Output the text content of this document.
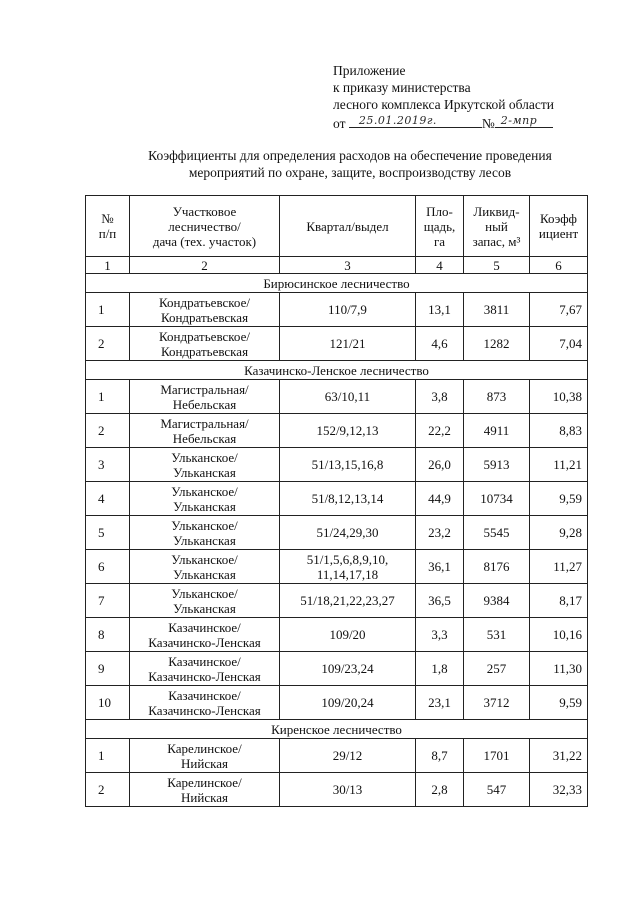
Приложение
к приказу министерства
лесного комплекса Иркутской области
от 25.01.2019г.	№ 2-мпр
Коэффициенты для определения расходов на обеспечение проведения
мероприятий по охране, защите, воспроизводству лесов
№
п/п	Участковое
лесничество/
дача (тех. участок)	Квартал/выдел	Пло-
щадь,
га	Ликвид-
ный
запас, м³	Коэфф
ициент
1	2	3	4	5	6
Бирюсинское лесничество					
1	Кондратьевское/
Кондратьевская	110/7,9	13,1	3811	7,67
2	Кондратьевское/
Кондратьевская	121/21	4,6	1282	7,04
Казачинско-Ленское лесничество					
1	Магистральная/
Небельская	63/10,11	3,8	873	10,38
2	Магистральная/
Небельская	152/9,12,13	22,2	4911	8,83
3	Ульканское/
Ульканская	51/13,15,16,8	26,0	5913	11,21
4	Ульканское/
Ульканская	51/8,12,13,14	44,9	10734	9,59
5	Ульканское/
Ульканская	51/24,29,30	23,2	5545	9,28
6	Ульканское/
Ульканская	51/1,5,6,8,9,10,
11,14,17,18	36,1	8176	11,27
7	Ульканское/
Ульканская	51/18,21,22,23,27	36,5	9384	8,17
8	Казачинское/
Казачинско-Ленская	109/20	3,3	531	10,16
9	Казачинское/
Казачинско-Ленская	109/23,24	1,8	257	11,30
10	Казачинское/
Казачинско-Ленская	109/20,24	23,1	3712	9,59
Киренское лесничество					
1	Карелинское/
Нийская	29/12	8,7	1701	31,22
2	Карелинское/
Нийская	30/13	2,8	547	32,33
